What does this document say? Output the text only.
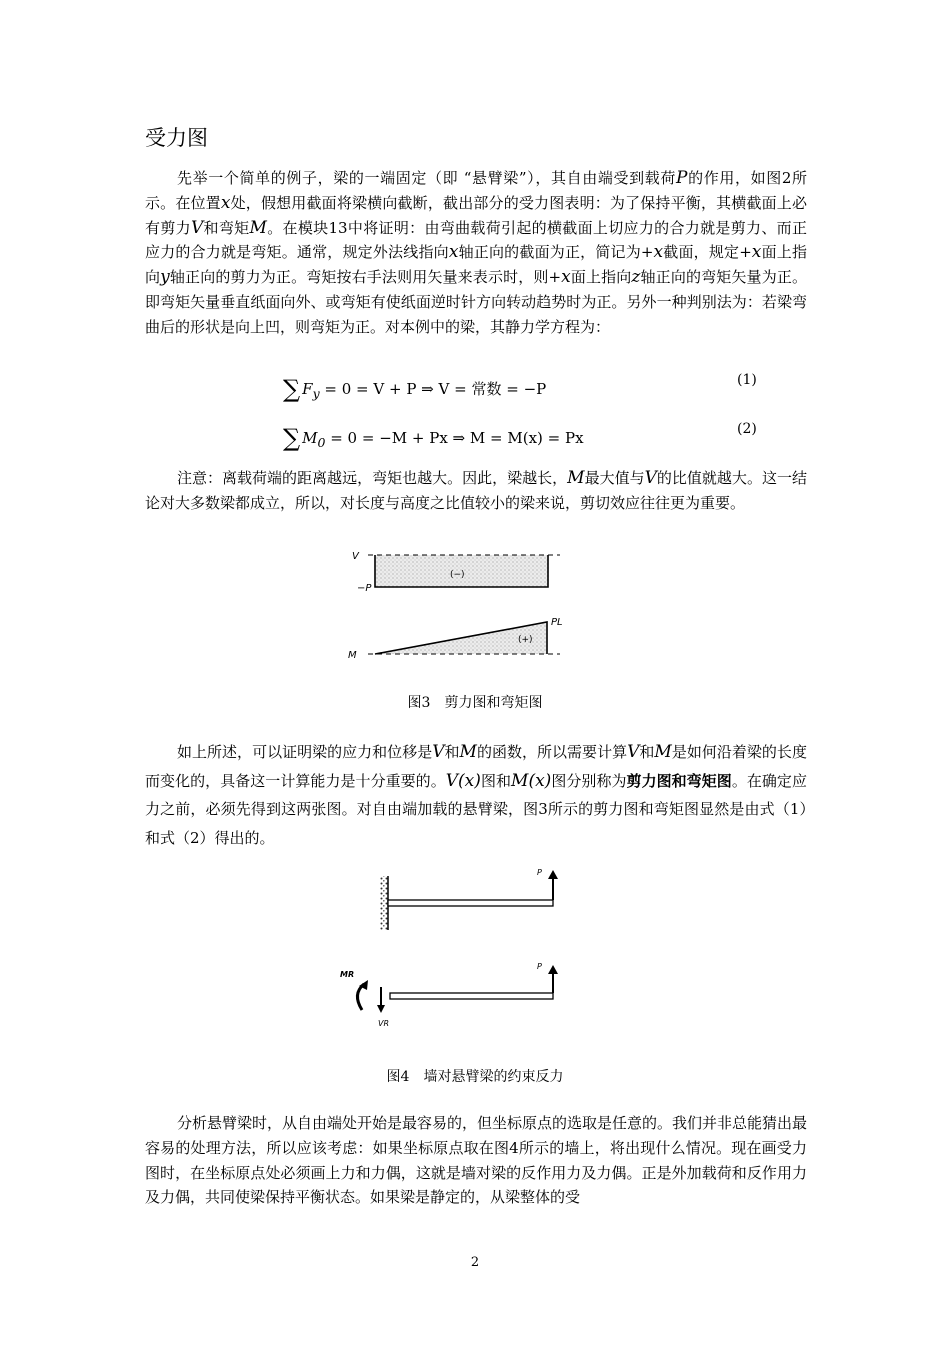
受力图

先举一个简单的例子，梁的一端固定（即 “悬臂梁”），其自由端受到载荷P的作用，如图2所示。在位置x处，假想用截面将梁横向截断，截出部分的受力图表明：为了保持平衡，其横截面上必有剪力V和弯矩M。在模块13中将证明：由弯曲载荷引起的横截面上切应力的合力就是剪力、而正应力的合力就是弯矩。通常，规定外法线指向x轴正向的截面为正，简记为+x截面，规定+x面上指向y轴正向的剪力为正。弯矩按右手法则用矢量来表示时，则+x面上指向z轴正向的弯矩矢量为正。即弯矩矢量垂直纸面向外、或弯矩有使纸面逆时针方向转动趋势时为正。另外一种判别法为：若梁弯曲后的形状是向上凹，则弯矩为正。对本例中的梁，其静力学方程为：

∑ $F_y = 0 = V + P$ ⇒ V = 常数 = −P	(1)
∑ $M_0 = 0 = -M + Px$ ⇒ M = M(x) = Px	(2)

注意：离载荷端的距离越远，弯矩也越大。因此，梁越长，M最大值与V的比值就越大。这一结论对大多数梁都成立，所以，对长度与高度之比值较小的梁来说，剪切效应往往更为重要。

V
−P
(−)
M
PL
(+)
图3　剪力图和弯矩图

如上所述，可以证明梁的应力和位移是V和M的函数，所以需要计算V和M是如何沿着梁的长度而变化的，具备这一计算能力是十分重要的。V(x)图和M(x)图分别称为剪力图和弯矩图。在确定应力之前，必须先得到这两张图。对自由端加载的悬臂梁，图3所示的剪力图和弯矩图显然是由式（1）和式（2）得出的。

P
P
MR
VR
图4　墙对悬臂梁的约束反力

分析悬臂梁时，从自由端处开始是最容易的，但坐标原点的选取是任意的。我们并非总能猜出最容易的处理方法，所以应该考虑：如果坐标原点取在图4所示的墙上，将出现什么情况。现在画受力图时，在坐标原点处必须画上力和力偶，这就是墙对梁的反作用力及力偶。正是外加载荷和反作用力及力偶，共同使梁保持平衡状态。如果梁是静定的，从梁整体的受

2
